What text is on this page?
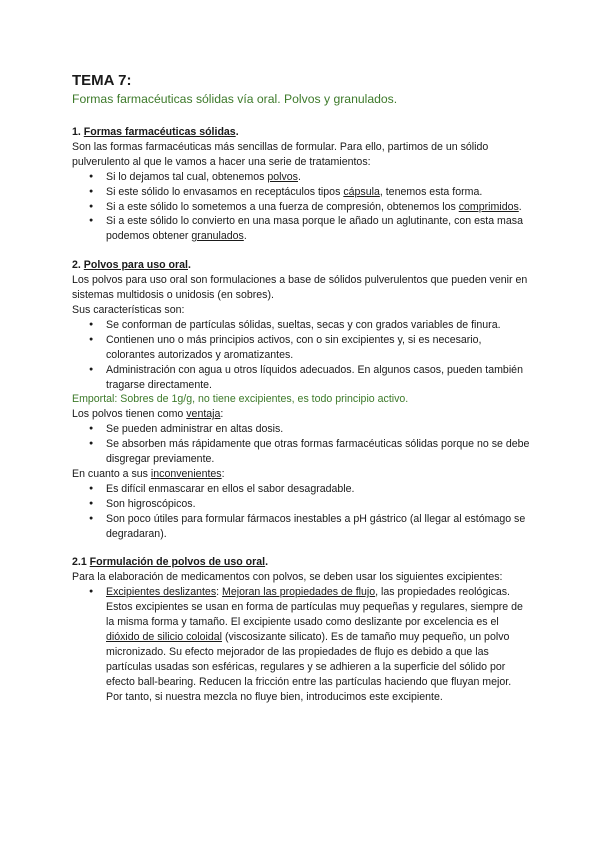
TEMA 7:

Formas farmacéuticas sólidas vía oral. Polvos y granulados.

1. Formas farmacéuticas sólidas.

Son las formas farmacéuticas más sencillas de formular. Para ello, partimos de un sólido pulverulento al que le vamos a hacer una serie de tratamientos:

● Si lo dejamos tal cual, obtenemos polvos.
● Si este sólido lo envasamos en receptáculos tipos cápsula, tenemos esta forma.
● Si a este sólido lo sometemos a una fuerza de compresión, obtenemos los comprimidos.
● Si a este sólido lo convierto en una masa porque le añado un aglutinante, con esta masa podemos obtener granulados.

2. Polvos para uso oral.

Los polvos para uso oral son formulaciones a base de sólidos pulverulentos que pueden venir en sistemas multidosis o unidosis (en sobres).

Sus características son:

● Se conforman de partículas sólidas, sueltas, secas y con grados variables de finura.
● Contienen uno o más principios activos, con o sin excipientes y, si es necesario, colorantes autorizados y aromatizantes.
● Administración con agua u otros líquidos adecuados. En algunos casos, pueden también tragarse directamente.

Emportal: Sobres de 1g/g, no tiene excipientes, es todo principio activo.

Los polvos tienen como ventaja:

● Se pueden administrar en altas dosis.
● Se absorben más rápidamente que otras formas farmacéuticas sólidas porque no se debe disgregar previamente.

En cuanto a sus inconvenientes:

● Es difícil enmascarar en ellos el sabor desagradable.
● Son higroscópicos.
● Son poco útiles para formular fármacos inestables a pH gástrico (al llegar al estómago se degradaran).

2.1 Formulación de polvos de uso oral.

Para la elaboración de medicamentos con polvos, se deben usar los siguientes excipientes:

● Excipientes deslizantes: Mejoran las propiedades de flujo, las propiedades reológicas.

Estos excipientes se usan en forma de partículas muy pequeñas y regulares, siempre de la misma forma y tamaño. El excipiente usado como deslizante por excelencia es el dióxido de silicio coloidal (viscosizante silicato). Es de tamaño muy pequeño, un polvo micronizado. Su efecto mejorador de las propiedades de flujo es debido a que las partículas usadas son esféricas, regulares y se adhieren a la superficie del sólido por efecto ball-bearing. Reducen la fricción entre las partículas haciendo que fluyan mejor.

Por tanto, si nuestra mezcla no fluye bien, introducimos este excipiente.
